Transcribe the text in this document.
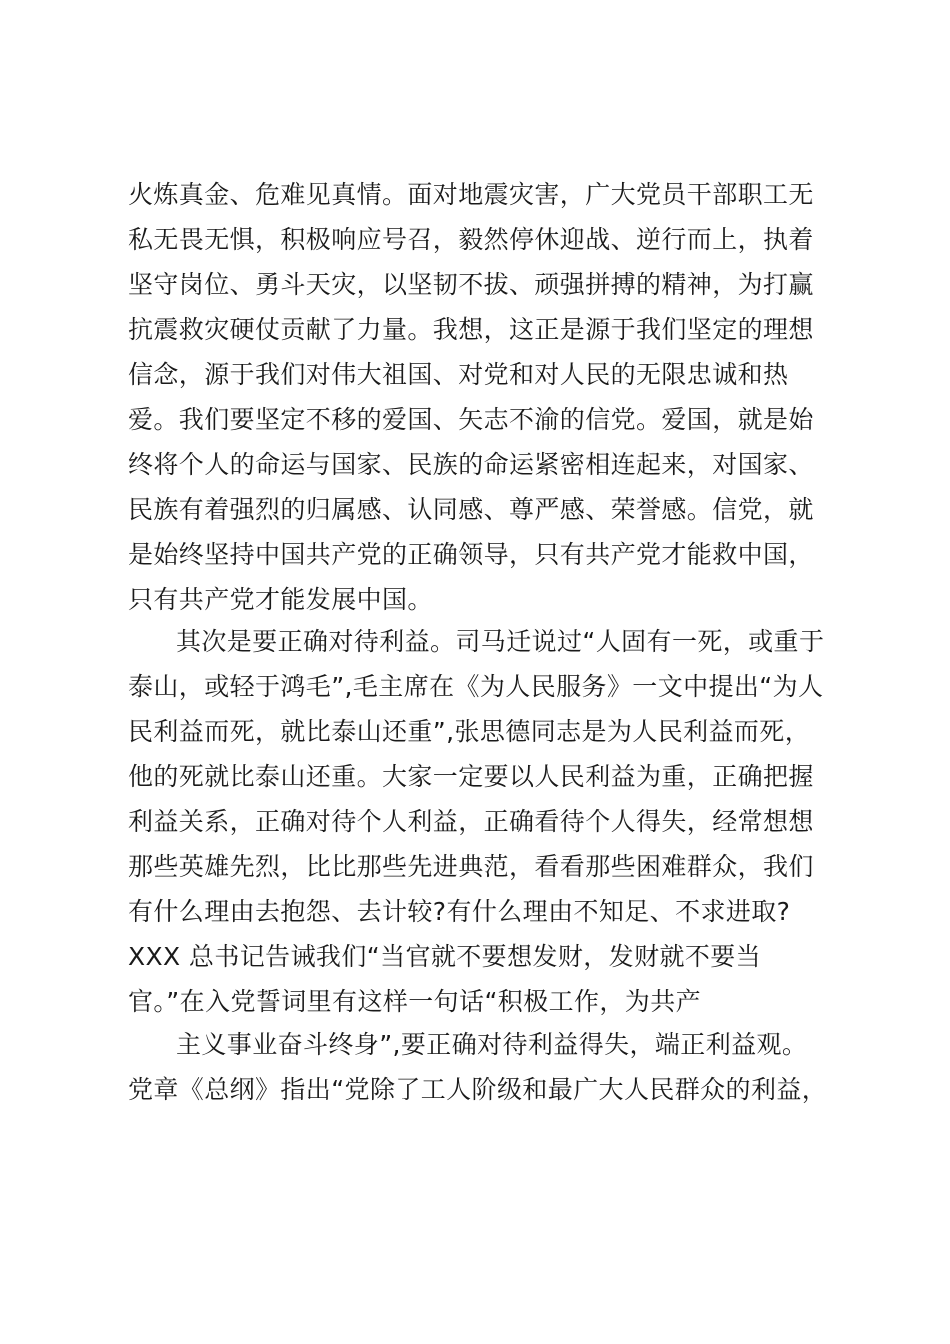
火炼真金、危难见真情。面对地震灾害，广大党员干部职工无
私无畏无惧，积极响应号召，毅然停休迎战、逆行而上，执着
坚守岗位、勇斗天灾，以坚韧不拔、顽强拼搏的精神，为打赢
抗震救灾硬仗贡献了力量。我想，这正是源于我们坚定的理想
信念，源于我们对伟大祖国、对党和对人民的无限忠诚和热
爱。我们要坚定不移的爱国、矢志不渝的信党。爱国，就是始
终将个人的命运与国家、民族的命运紧密相连起来，对国家、
民族有着强烈的归属感、认同感、尊严感、荣誉感。信党，就
是始终坚持中国共产党的正确领导，只有共产党才能救中国，
只有共产党才能发展中国。
其次是要正确对待利益。司马迁说过“人固有一死，或重于
泰山，或轻于鸿毛”,毛主席在《为人民服务》一文中提出“为人
民利益而死，就比泰山还重”,张思德同志是为人民利益而死，
他的死就比泰山还重。大家一定要以人民利益为重，正确把握
利益关系，正确对待个人利益，正确看待个人得失，经常想想
那些英雄先烈，比比那些先进典范，看看那些困难群众，我们
有什么理由去抱怨、去计较?有什么理由不知足、不求进取?
XXX 总书记告诫我们“当官就不要想发财，发财就不要当
官。”在入党誓词里有这样一句话“积极工作，为共产
主义事业奋斗终身”,要正确对待利益得失，端正利益观。
党章《总纲》指出“党除了工人阶级和最广大人民群众的利益，
